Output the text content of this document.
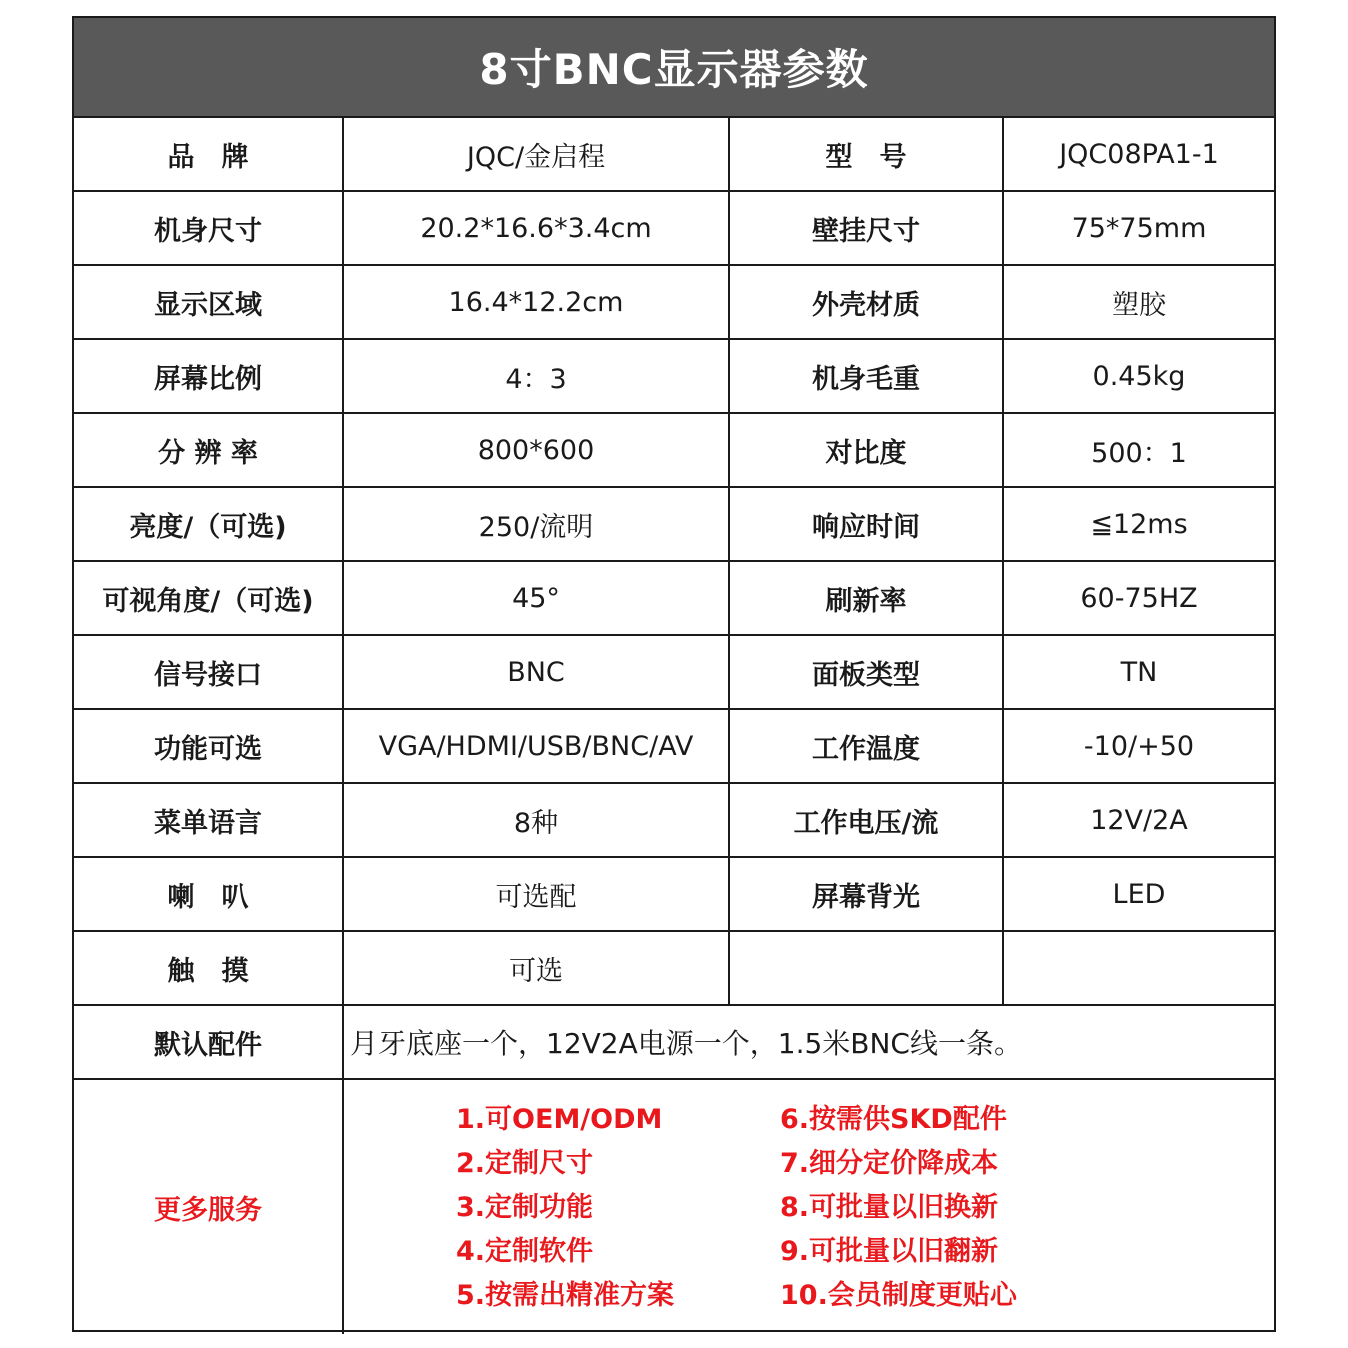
8寸BNC显示器参数
品　牌	JQC/金启程	型　号	JQC08PA1-1
机身尺寸	20.2*16.6*3.4cm	壁挂尺寸	75*75mm
显示区域	16.4*12.2cm	外壳材质	塑胶
屏幕比例	4：3	机身毛重	0.45kg
分 辨 率	800*600	对比度	500：1
亮度/（可选)	250/流明	响应时间	≦12ms
可视角度/（可选)	45°	刷新率	60-75HZ
信号接口	BNC	面板类型	TN
功能可选	VGA/HDMI/USB/BNC/AV	工作温度	-10/+50
菜单语言	8种	工作电压/流	12V/2A
喇　叭	可选配	屏幕背光	LED
触　摸	可选
默认配件	月牙底座一个，12V2A电源一个，1.5米BNC线一条。
更多服务
1.可OEM/ODM
2.定制尺寸
3.定制功能
4.定制软件
5.按需出精准方案
6.按需供SKD配件
7.细分定价降成本
8.可批量以旧换新
9.可批量以旧翻新
10.会员制度更贴心
